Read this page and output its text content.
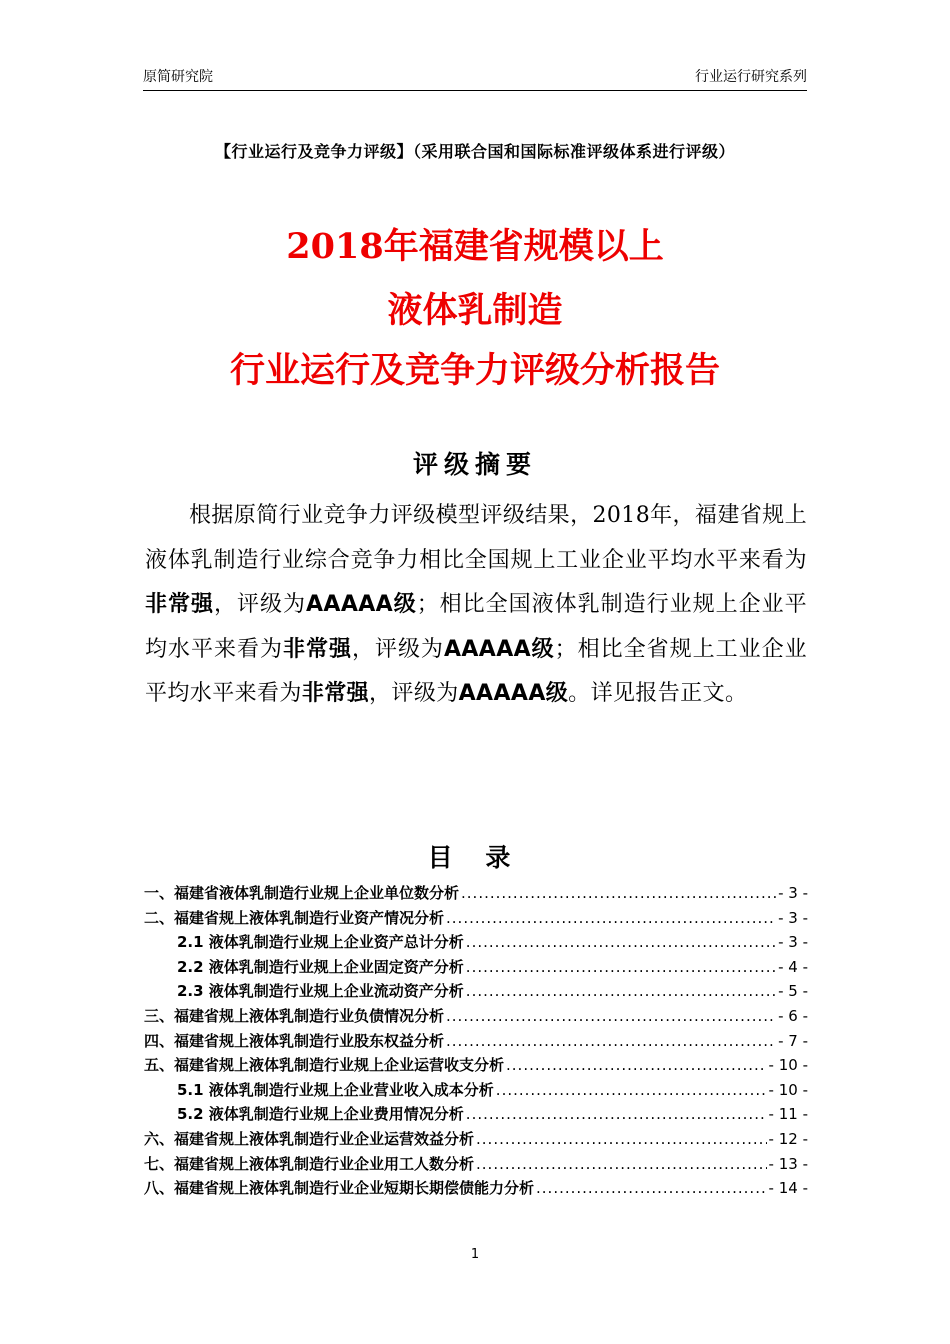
原简研究院	行业运行研究系列
【行业运行及竞争力评级】（采用联合国和国际标准评级体系进行评级）
2018年福建省规模以上
液体乳制造
行业运行及竞争力评级分析报告
评级摘要
根据原简行业竞争力评级模型评级结果，2018年，福建省规上液体乳制造行业综合竞争力相比全国规上工业企业平均水平来看为非常强，评级为AAAAA级；相比全国液体乳制造行业规上企业平均水平来看为非常强，评级为AAAAA级；相比全省规上工业企业平均水平来看为非常强，评级为AAAAA级。详见报告正文。
目 录
一、福建省液体乳制造行业规上企业单位数分析 .....	- 3 -
二、福建省规上液体乳制造行业资产情况分析 .....	- 3 -
2.1 液体乳制造行业规上企业资产总计分析 .....	- 3 -
2.2 液体乳制造行业规上企业固定资产分析 .....	- 4 -
2.3 液体乳制造行业规上企业流动资产分析 .....	- 5 -
三、福建省规上液体乳制造行业负债情况分析 .....	- 6 -
四、福建省规上液体乳制造行业股东权益分析 .....	- 7 -
五、福建省规上液体乳制造行业规上企业运营收支分析 .....	- 10 -
5.1 液体乳制造行业规上企业营业收入成本分析 .....	- 10 -
5.2 液体乳制造行业规上企业费用情况分析 .....	- 11 -
六、福建省规上液体乳制造行业企业运营效益分析 .....	- 12 -
七、福建省规上液体乳制造行业企业用工人数分析 .....	- 13 -
八、福建省规上液体乳制造行业企业短期长期偿债能力分析 .....	- 14 -
1
